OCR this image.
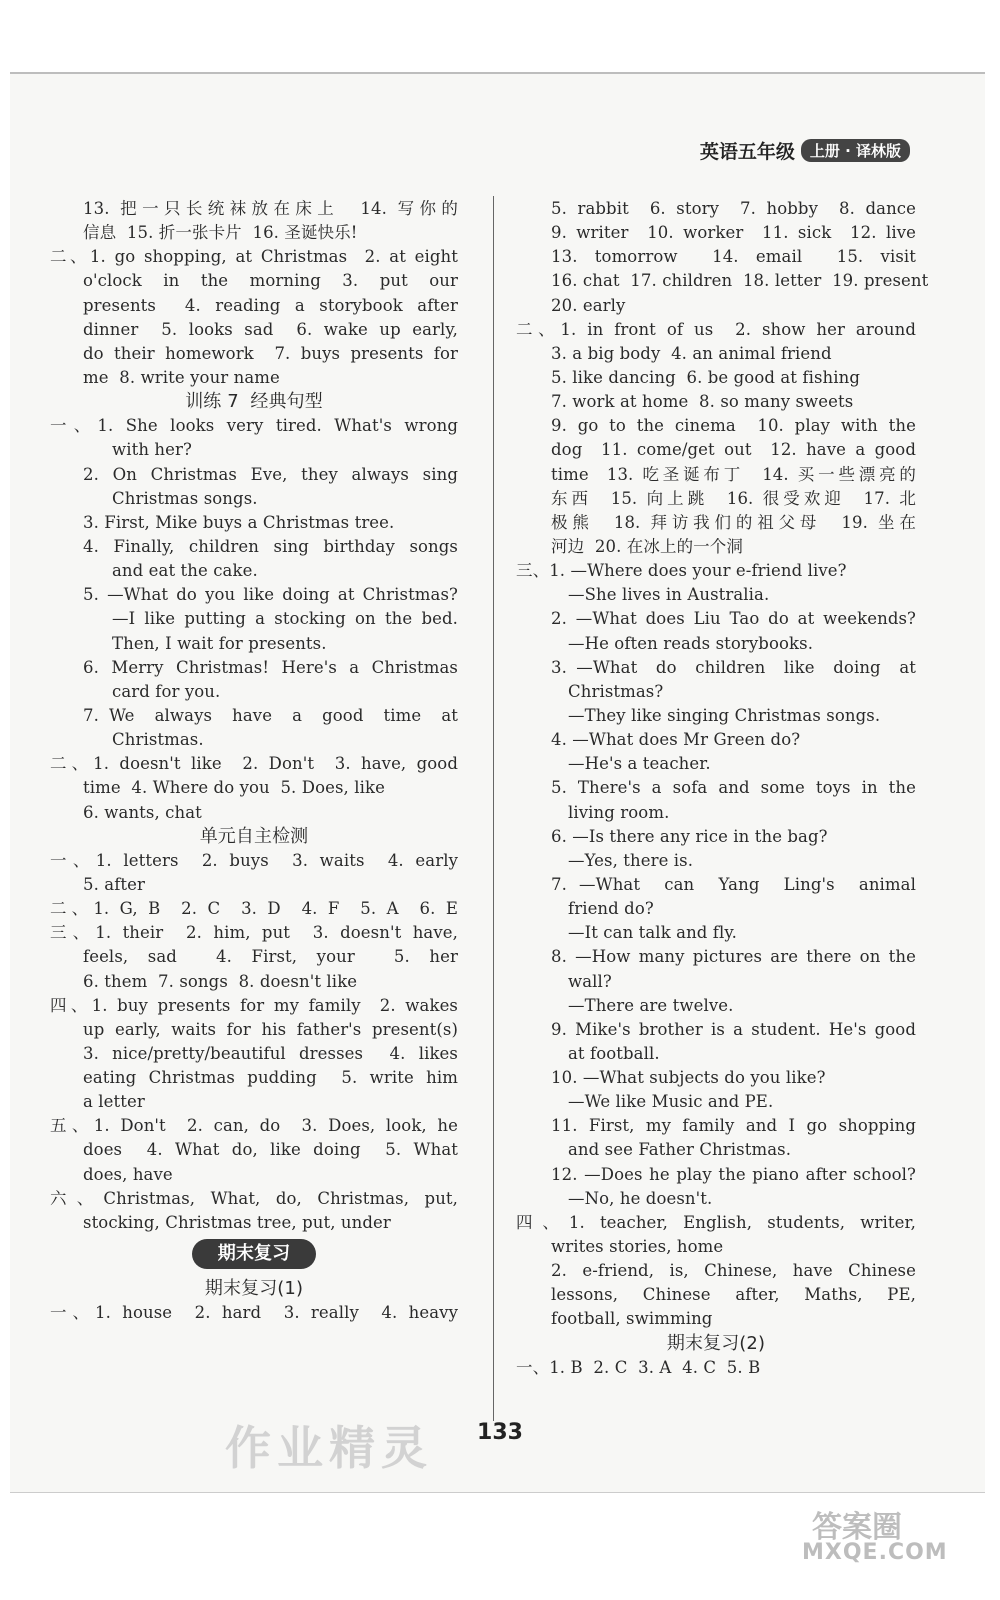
英语五年级	上册 · 译林版
13. 把一只长统袜放在床上  14. 写你的
信息  15. 折一张卡片  16. 圣诞快乐!
二、1. go shopping, at Christmas  2. at eight
o'clock  in  the  morning  3.  put  our
presents  4. reading a storybook after
dinner  5. looks sad  6. wake up early,
do their homework  7. buys presents for
me  8. write your name
训练 7  经典句型
一、1. She looks very tired. What's wrong
with her?
2. On Christmas Eve, they always sing
Christmas songs.
3. First, Mike buys a Christmas tree.
4. Finally, children sing birthday songs
and eat the cake.
5. —What do you like doing at Christmas?
—I like putting a stocking on the bed.
Then, I wait for presents.
6. Merry Christmas! Here's a Christmas
card for you.
7. We  always  have  a  good  time  at
Christmas.
二、1. doesn't like  2. Don't  3. have, good
time  4. Where do you  5. Does, like
6. wants, chat
单元自主检测
一、1. letters  2. buys  3. waits  4. early
5. after
二、1. G, B  2. C  3. D  4. F  5. A  6. E
三、1. their  2. him, put  3. doesn't have,
feels, sad  4. First, your  5. her
6. them  7. songs  8. doesn't like
四、1. buy presents for my family  2. wakes
up early, waits for his father's present(s)
3. nice/pretty/beautiful dresses  4. likes
eating Christmas pudding  5. write him
a letter
五、1. Don't  2. can, do  3. Does, look, he
does  4. What do, like doing  5. What
does, have
六、Christmas, What, do, Christmas, put,
stocking, Christmas tree, put, under
期末复习
期末复习(1)
一、1. house  2. hard  3. really  4. heavy
5. rabbit  6. story  7. hobby  8. dance
9. writer  10. worker  11. sick  12. live
13. tomorrow  14. email  15. visit
16. chat  17. children  18. letter  19. present
20. early
二、1. in front of us  2. show her around
3. a big body  4. an animal friend
5. like dancing  6. be good at fishing
7. work at home  8. so many sweets
9. go to the cinema  10. play with the
dog  11. come/get out  12. have a good
time  13. 吃圣诞布丁  14. 买一些漂亮的
东西  15. 向上跳  16. 很受欢迎  17. 北
极熊  18. 拜访我们的祖父母  19. 坐在
河边  20. 在冰上的一个洞
三、1. —Where does your e-friend live?
—She lives in Australia.
2. —What does Liu Tao do at weekends?
—He often reads storybooks.
3. —What  do  children  like  doing  at
Christmas?
—They like singing Christmas songs.
4. —What does Mr Green do?
—He's a teacher.
5. There's a sofa and some toys in the
living room.
6. —Is there any rice in the bag?
—Yes, there is.
7. —What  can  Yang  Ling's  animal
friend do?
—It can talk and fly.
8. —How many pictures are there on the
wall?
—There are twelve.
9. Mike's brother is a student. He's good
at football.
10. —What subjects do you like?
—We like Music and PE.
11. First, my family and I go shopping
and see Father Christmas.
12. —Does he play the piano after school?
—No, he doesn't.
四、1. teacher, English, students, writer,
writes stories, home
2. e-friend, is, Chinese, have Chinese
lessons, Chinese after, Maths, PE,
football, swimming
期末复习(2)
一、1. B  2. C  3. A  4. C  5. B
133
作业精灵
答案圈
MXQE.COM
